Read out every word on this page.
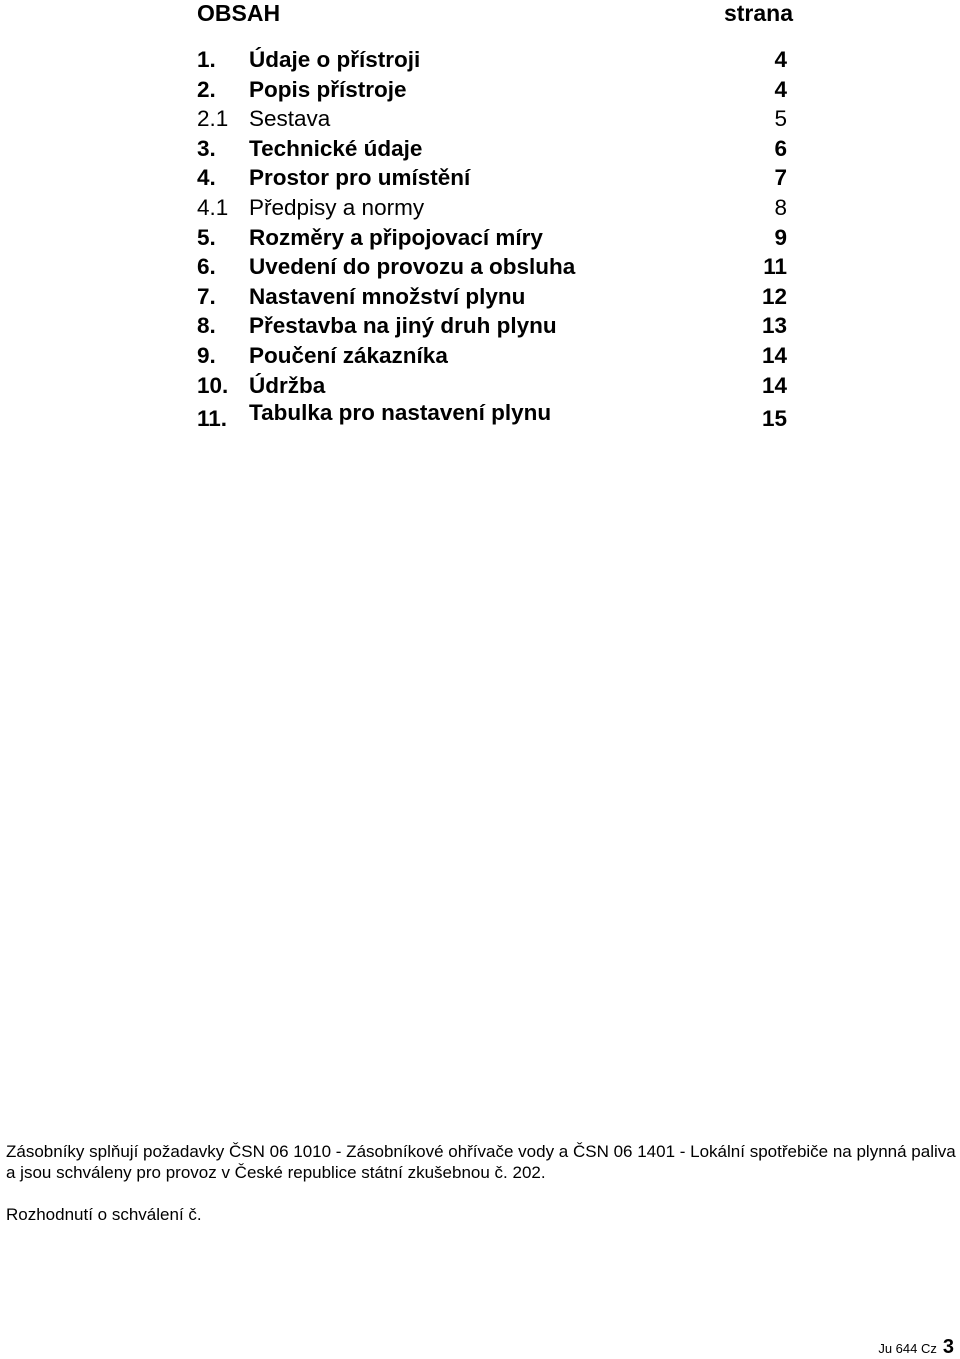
OBSAH	strana
1. Údaje o přístroji	4
2. Popis přístroje	4
2.1 Sestava	5
3. Technické údaje	6
4. Prostor pro umístění	7
4.1 Předpisy a normy	8
5. Rozměry a připojovací míry	9
6. Uvedení do provozu a obsluha	11
7. Nastavení množství plynu	12
8. Přestavba na jiný druh plynu	13
9. Poučení zákazníka	14
10. Údržba	14
11. Tabulka pro nastavení plynu	15
Zásobníky splňují požadavky ČSN 06 1010 - Zásobníkové ohřívače vody a ČSN 06 1401 - Lokální spotřebiče na plynná paliva a jsou schváleny pro provoz v České republice státní zkušebnou č. 202.
Rozhodnutí o schválení č.
Ju 644 Cz 3
